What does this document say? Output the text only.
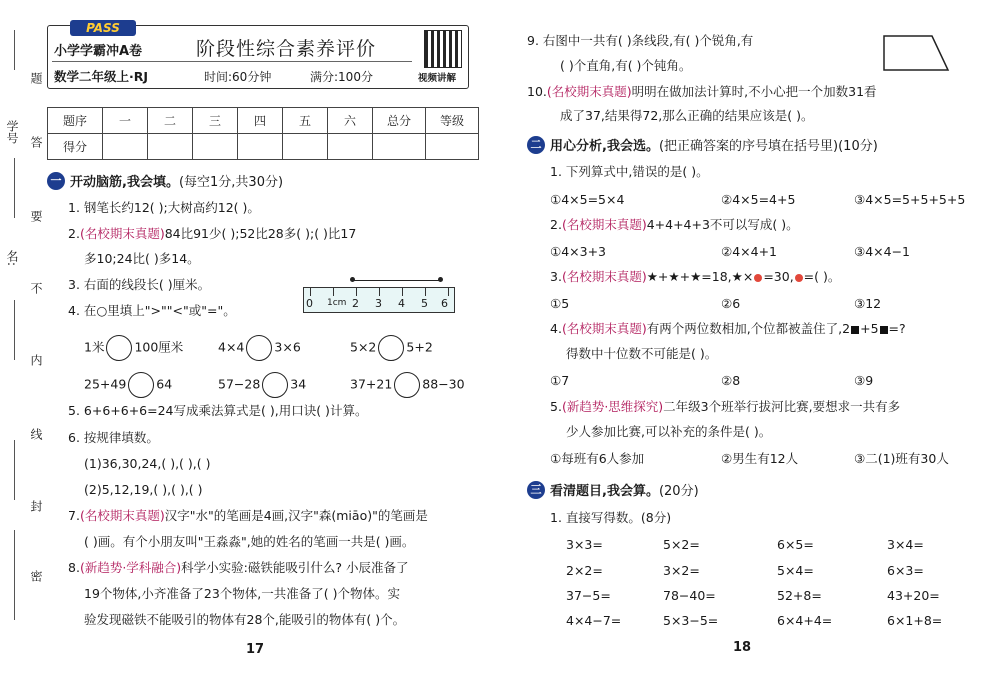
题
学号 答
要
名:
不
内
线
封
密
PASS
小学学霸冲A卷	阶段性综合素养评价
数学二年级上·RJ	时间:60分钟	满分:100分	视频讲解
题序	一	二	三	四	五	六	总分	等级
得分								
一 开动脑筋,我会填。 (每空1分,共30分)
1. 钢笔长约12( );大树高约12( )。
2.(名校期末真题)84比91少( );52比28多( );( )比17
多10;24比( )多14。
3. 右面的线段长( )厘米。
0 1cm 2 3 4 5 6
4. 在○里填上">""<"或"="。
1米 100厘米	4×4 3×6	5×2 5+2
25+49 64	57−28 34	37+21 88−30
5. 6+6+6+6=24写成乘法算式是( ),用口诀( )计算。
6. 按规律填数。
(1)36,30,24,( ),( ),( )
(2)5,12,19,( ),( ),( )
7.(名校期末真题)汉字"水"的笔画是4画,汉字"森(miāo)"的笔画是
( )画。有个小朋友叫"王淼淼",她的姓名的笔画一共是( )画。
8.(新趋势·学科融合)科学小实验:磁铁能吸引什么? 小辰准备了
19个物体,小齐准备了23个物体,一共准备了( )个物体。实
验发现磁铁不能吸引的物体有28个,能吸引的物体有( )个。
17
9. 右图中一共有( )条线段,有( )个锐角,有
( )个直角,有( )个钝角。
10.(名校期末真题)明明在做加法计算时,不小心把一个加数31看
成了37,结果得72,那么正确的结果应该是( )。
二 用心分析,我会选。 (把正确答案的序号填在括号里)(10分)
1. 下列算式中,错误的是( )。
①4×5=5×4	②4×5=4+5	③4×5=5+5+5+5
2.(名校期末真题)4+4+4+3不可以写成( )。
①4×3+3	②4×4+1	③4×4−1
3.(名校期末真题)★+★+★=18,★× =30, =( )。
①5	②6	③12
4.(名校期末真题)有两个两位数相加,个位都被盖住了,2 +5 =?
得数中十位数不可能是( )。
①7	②8	③9
5.(新趋势·思维探究)二年级3个班举行拔河比赛,要想求一共有多
少人参加比赛,可以补充的条件是( )。
①每班有6人参加	②男生有12人	③二(1)班有30人
三 看清题目,我会算。 (20分)
1. 直接写得数。(8分)
3×3=	5×2=	6×5=	3×4=
2×2=	3×2=	5×4=	6×3=
37−5=	78−40=	52+8=	43+20=
4×4−7=	5×3−5=	6×4+4=	6×1+8=
18
